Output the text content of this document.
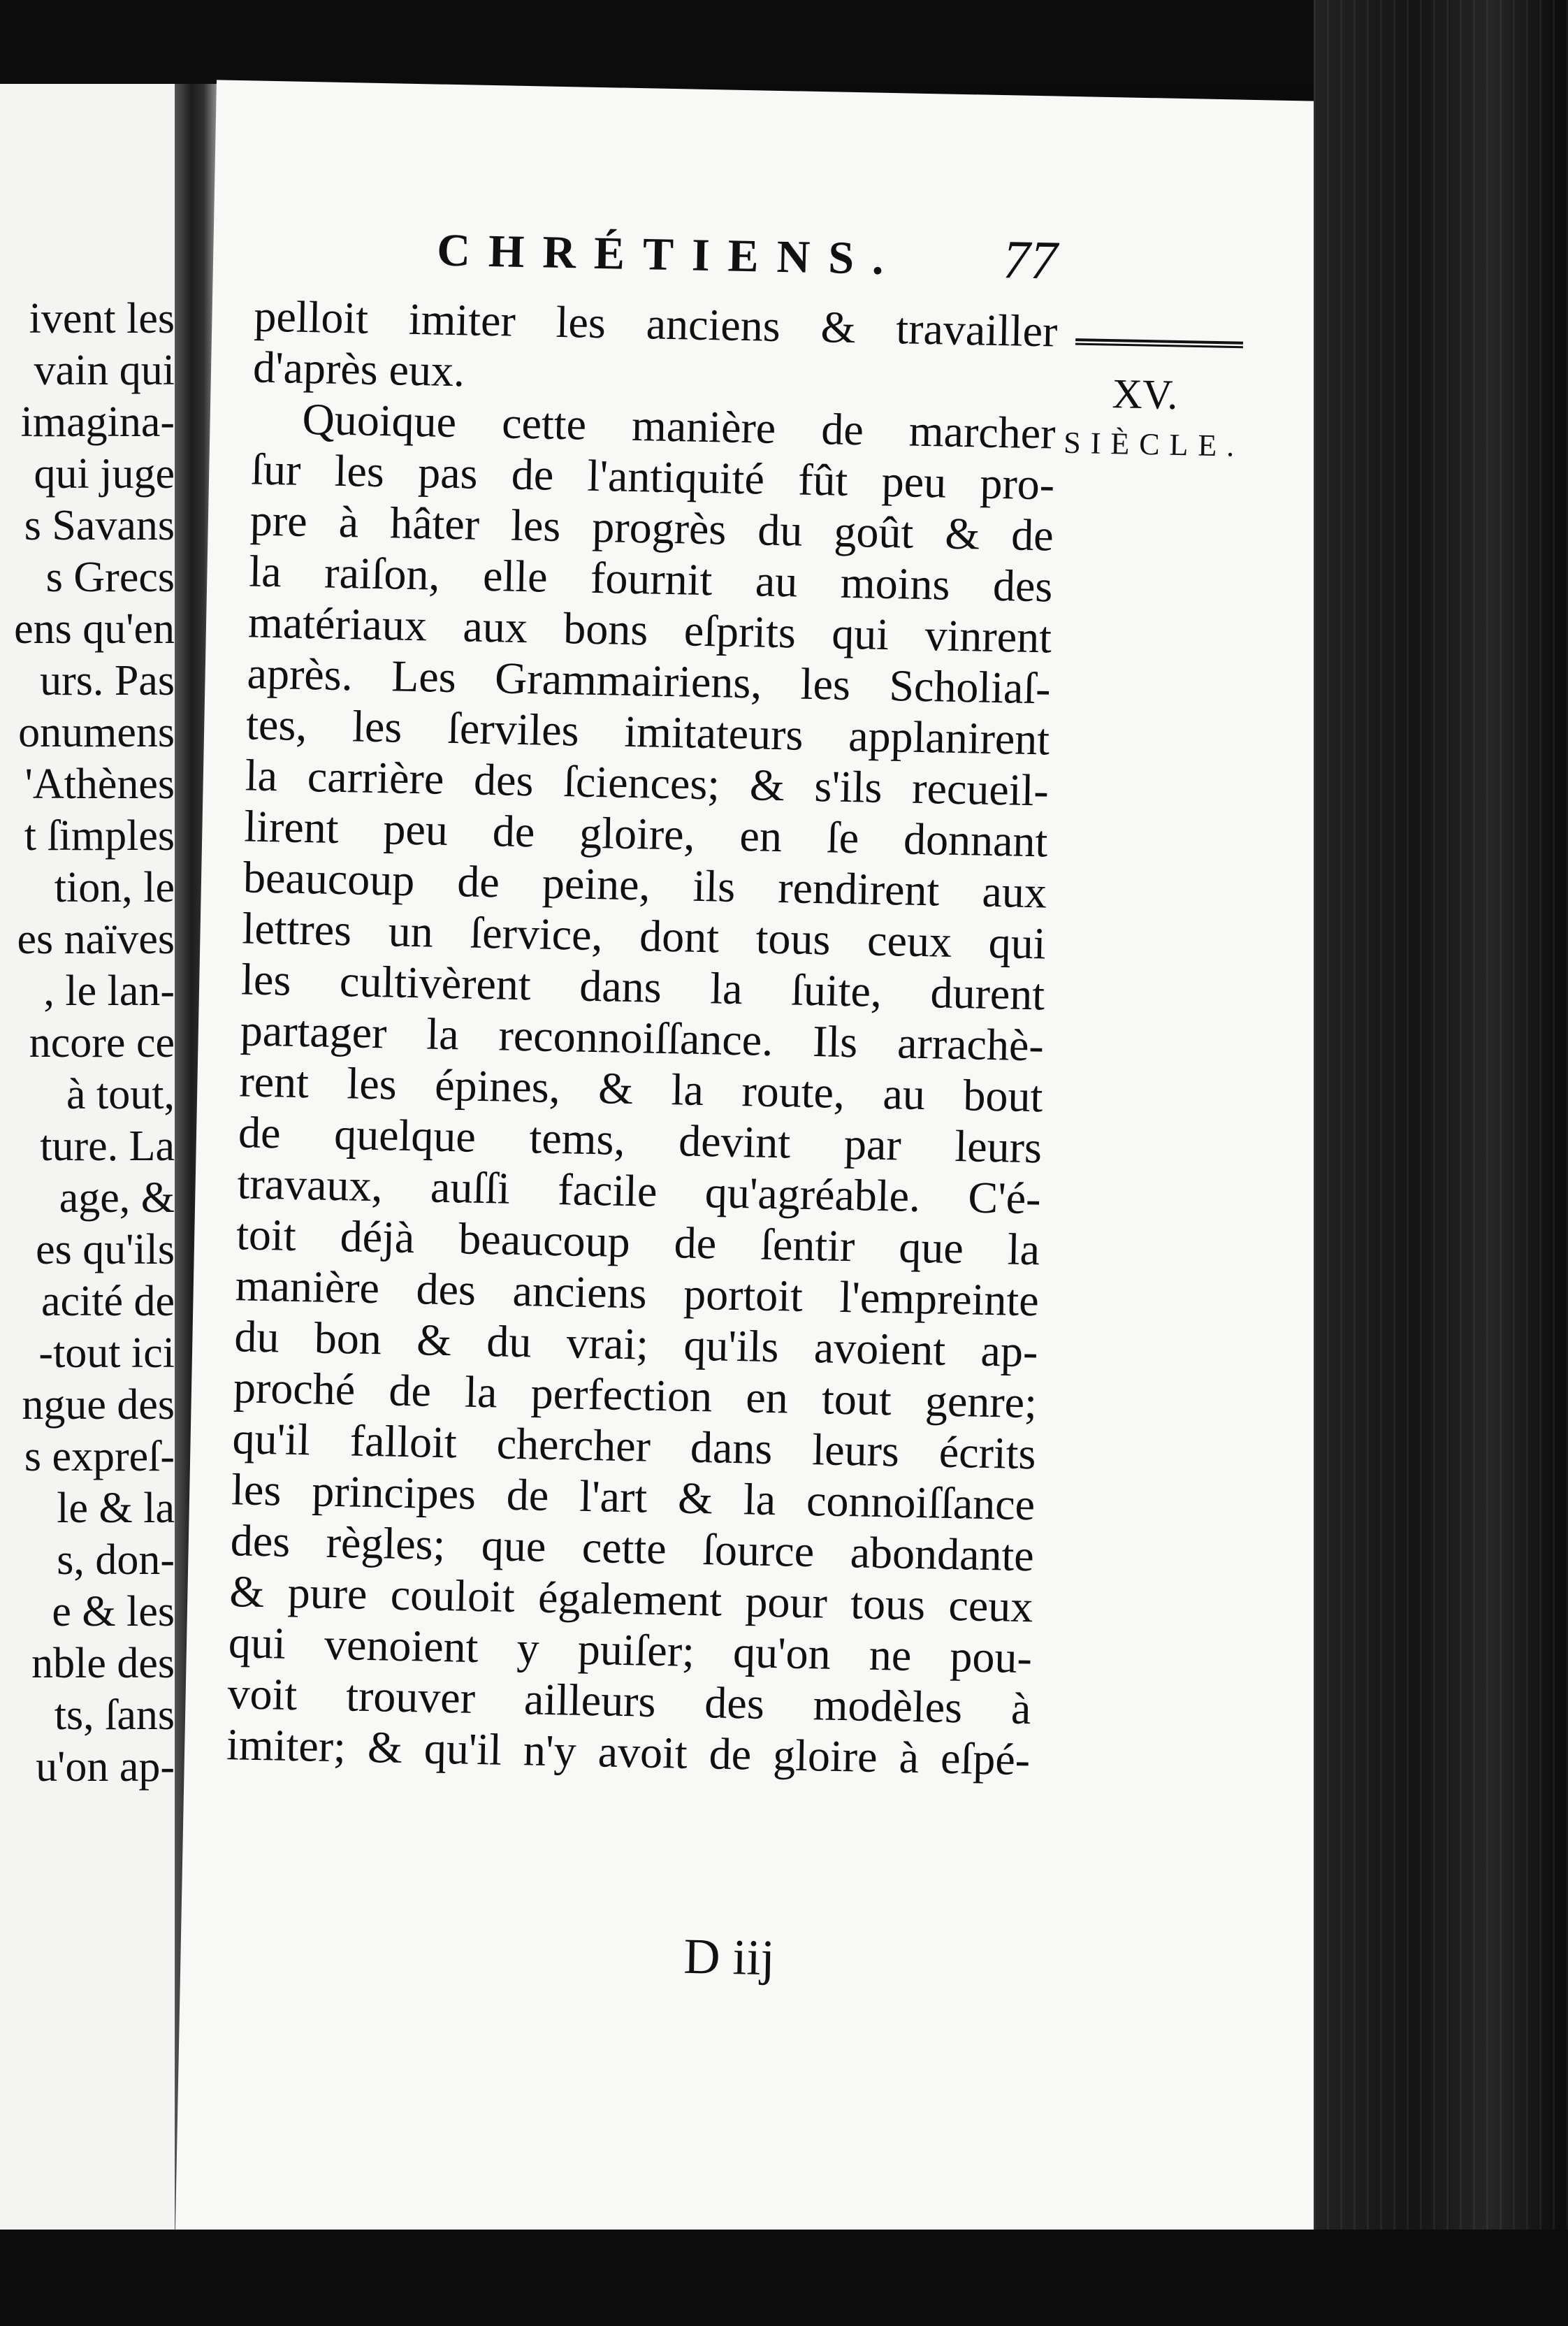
ivent les

vain qui

imagina-

qui juge

s Savans

s Grecs

ens qu'en

urs. Pas

onumens

'Athènes

t ſimples

tion, le

es naïves

, le lan-

ncore ce

à tout,

ture. La

age, &

es qu'ils

acité de

-tout ici

ngue des

s expreſ-

le & la

s, don-

e & les

nble des

ts, ſans

u'on ap-

CHRÉTIENS. 77

pelloit imiter les anciens & travailler
d'après eux.
Quoique cette manière de marcher
ſur les pas de l'antiquité fût peu pro-
pre à hâter les progrès du goût & de
la raiſon, elle fournit au moins des
matériaux aux bons eſprits qui vinrent
après. Les Grammairiens, les Scholiaſ-
tes, les ſerviles imitateurs applanirent
la carrière des ſciences; & s'ils recueil-
lirent peu de gloire, en ſe donnant
beaucoup de peine, ils rendirent aux
lettres un ſervice, dont tous ceux qui
les cultivèrent dans la ſuite, durent
partager la reconnoiſſance. Ils arrachè-
rent les épines, & la route, au bout
de quelque tems, devint par leurs
travaux, auſſi facile qu'agréable. C'é-
toit déjà beaucoup de ſentir que la
manière des anciens portoit l'empreinte
du bon & du vrai; qu'ils avoient ap-
proché de la perfection en tout genre;
qu'il falloit chercher dans leurs écrits
les principes de l'art & la connoiſſance
des règles; que cette ſource abondante
& pure couloit également pour tous ceux
qui venoient y puiſer; qu'on ne pou-
voit trouver ailleurs des modèles à
imiter; & qu'il n'y avoit de gloire à eſpé-

XV.

SIÈCLE.

D iij
